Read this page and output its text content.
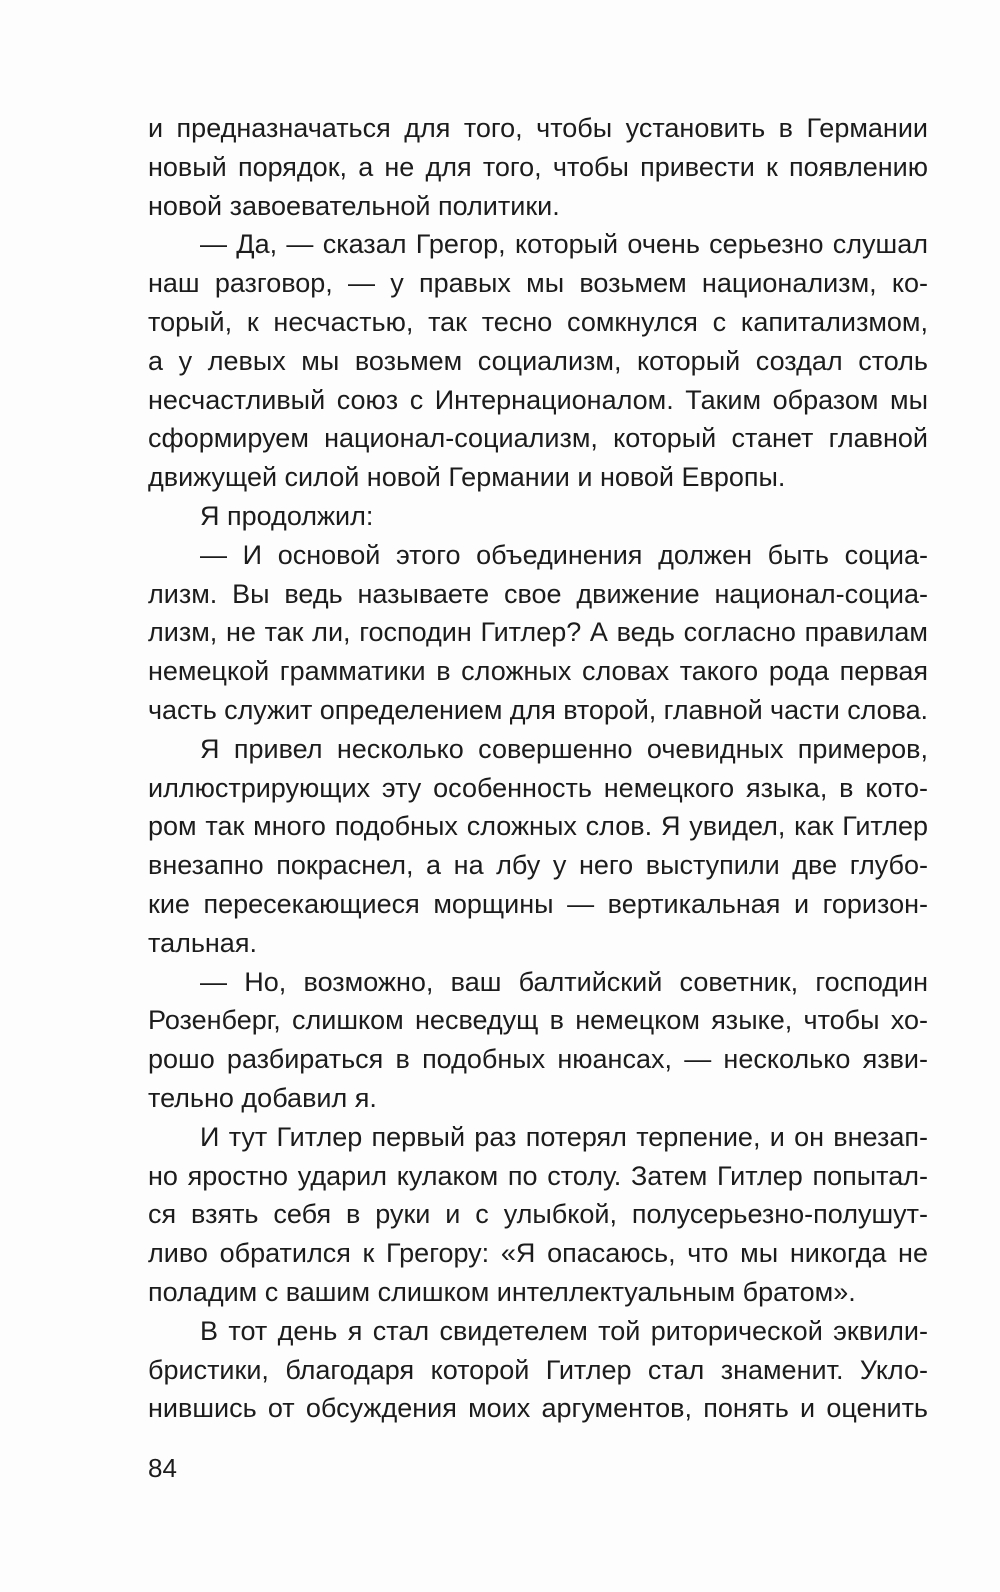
и предназначаться для того, чтобы установить в Германии
новый порядок, а не для того, чтобы привести к появлению
новой завоевательной политики.
— Да, — сказал Грегор, который очень серьезно слушал
наш разговор, — у правых мы возьмем национализм, ко-
торый, к несчастью, так тесно сомкнулся с капитализмом,
а у левых мы возьмем социализм, который создал столь
несчастливый союз с Интернационалом. Таким образом мы
сформируем национал-социализм, который станет главной
движущей силой новой Германии и новой Европы.
Я продолжил:
— И основой этого объединения должен быть социа-
лизм. Вы ведь называете свое движение национал-социа-
лизм, не так ли, господин Гитлер? А ведь согласно правилам
немецкой грамматики в сложных словах такого рода первая
часть служит определением для второй, главной части слова.
Я привел несколько совершенно очевидных примеров,
иллюстрирующих эту особенность немецкого языка, в кото-
ром так много подобных сложных слов. Я увидел, как Гитлер
внезапно покраснел, а на лбу у него выступили две глубо-
кие пересекающиеся морщины — вертикальная и горизон-
тальная.
— Но, возможно, ваш балтийский советник, господин
Розенберг, слишком несведущ в немецком языке, чтобы хо-
рошо разбираться в подобных нюансах, — несколько язви-
тельно добавил я.
И тут Гитлер первый раз потерял терпение, и он внезап-
но яростно ударил кулаком по столу. Затем Гитлер попытал-
ся взять себя в руки и с улыбкой, полусерьезно-полушут-
ливо обратился к Грегору: «Я опасаюсь, что мы никогда не
поладим с вашим слишком интеллектуальным братом».
В тот день я стал свидетелем той риторической эквили-
бристики, благодаря которой Гитлер стал знаменит. Укло-
нившись от обсуждения моих аргументов, понять и оценить
84
